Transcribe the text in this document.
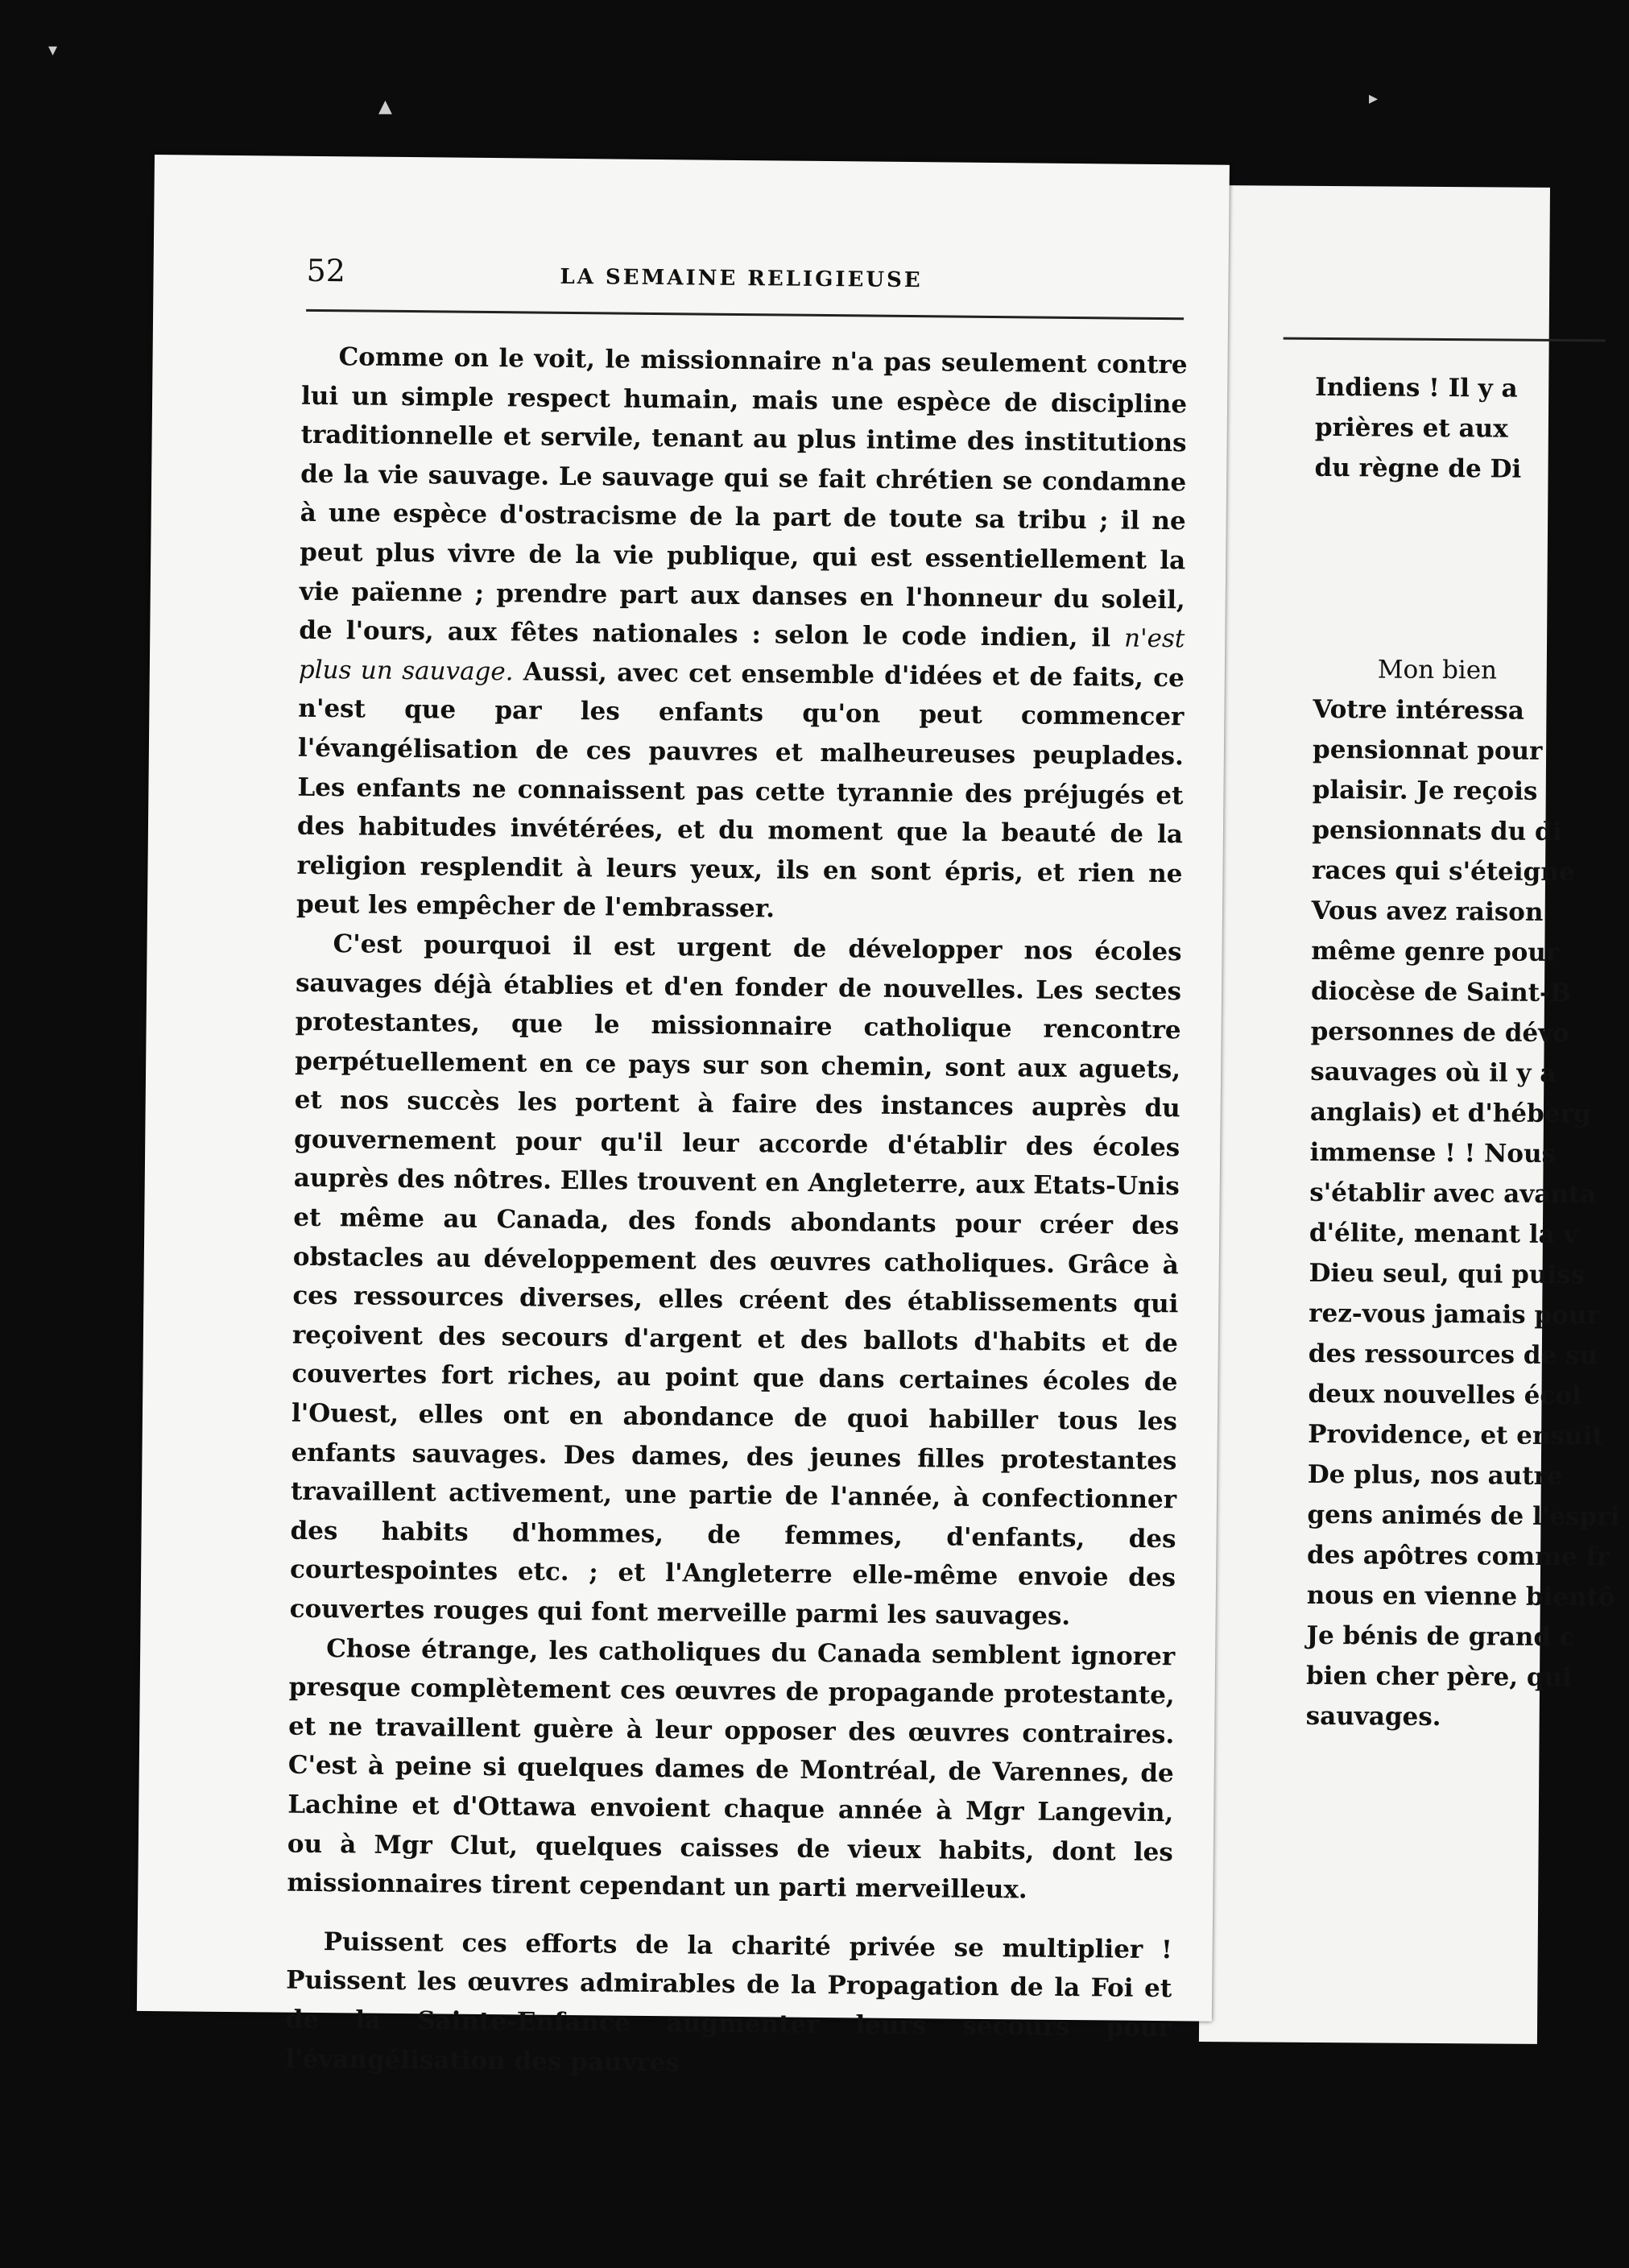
Indiens ! Il y a
prières et aux
du règne de Di
Mon bien
Votre intéressa
pensionnat pour
plaisir. Je reçois
pensionnats du di
races qui s'éteigne
Vous avez raison
même genre pour
diocèse de Saint-B
personnes de dévo
sauvages où il y a
anglais) et d'héberg
immense ! ! Nous
s'établir avec avanta
d'élite, menant la v
Dieu seul, qui puiss
rez-vous jamais pour
des ressources de su
deux nouvelles écol
Providence, et ensuit
De plus, nos autre
gens animés de l'espri
des apôtres comme fr
nous en vienne bientô
Je bénis de grand c
bien cher père, qui
sauvages.
52	LA SEMAINE RELIGIEUSE

Comme on le voit, le missionnaire n'a pas seulement contre lui un simple respect humain, mais une espèce de discipline traditionnelle et servile, tenant au plus intime des institutions de la vie sauvage. Le sauvage qui se fait chrétien se condamne à une espèce d'ostracisme de la part de toute sa tribu ; il ne peut plus vivre de la vie publique, qui est essentiellement la vie païenne ; prendre part aux danses en l'honneur du soleil, de l'ours, aux fêtes nationales : selon le code indien, il n'est plus un sauvage. Aussi, avec cet ensemble d'idées et de faits, ce n'est que par les enfants qu'on peut commencer l'évangélisation de ces pauvres et malheureuses peuplades. Les enfants ne connaissent pas cette tyrannie des préjugés et des habitudes invétérées, et du moment que la beauté de la religion resplendit à leurs yeux, ils en sont épris, et rien ne peut les empêcher de l'embrasser.

C'est pourquoi il est urgent de développer nos écoles sauvages déjà établies et d'en fonder de nouvelles. Les sectes protestantes, que le missionnaire catholique rencontre perpétuellement en ce pays sur son chemin, sont aux aguets, et nos succès les portent à faire des instances auprès du gouvernement pour qu'il leur accorde d'établir des écoles auprès des nôtres. Elles trouvent en Angleterre, aux Etats-Unis et même au Canada, des fonds abondants pour créer des obstacles au développement des œuvres catholiques. Grâce à ces ressources diverses, elles créent des établissements qui reçoivent des secours d'argent et des ballots d'habits et de couvertes fort riches, au point que dans certaines écoles de l'Ouest, elles ont en abondance de quoi habiller tous les enfants sauvages. Des dames, des jeunes filles protestantes travaillent activement, une partie de l'année, à confectionner des habits d'hommes, de femmes, d'enfants, des courtespointes etc. ; et l'Angleterre elle-même envoie des couvertes rouges qui font merveille parmi les sauvages.

Chose étrange, les catholiques du Canada semblent ignorer presque complètement ces œuvres de propagande protestante, et ne travaillent guère à leur opposer des œuvres contraires. C'est à peine si quelques dames de Montréal, de Varennes, de Lachine et d'Ottawa envoient chaque année à Mgr Langevin, ou à Mgr Clut, quelques caisses de vieux habits, dont les missionnaires tirent cependant un parti merveilleux.

Puissent ces efforts de la charité privée se multiplier ! Puissent les œuvres admirables de la Propagation de la Foi et de la Sainte-Enfance augmenter leurs secours pour l'évangélisation des pauvres

▾
▲	▸
